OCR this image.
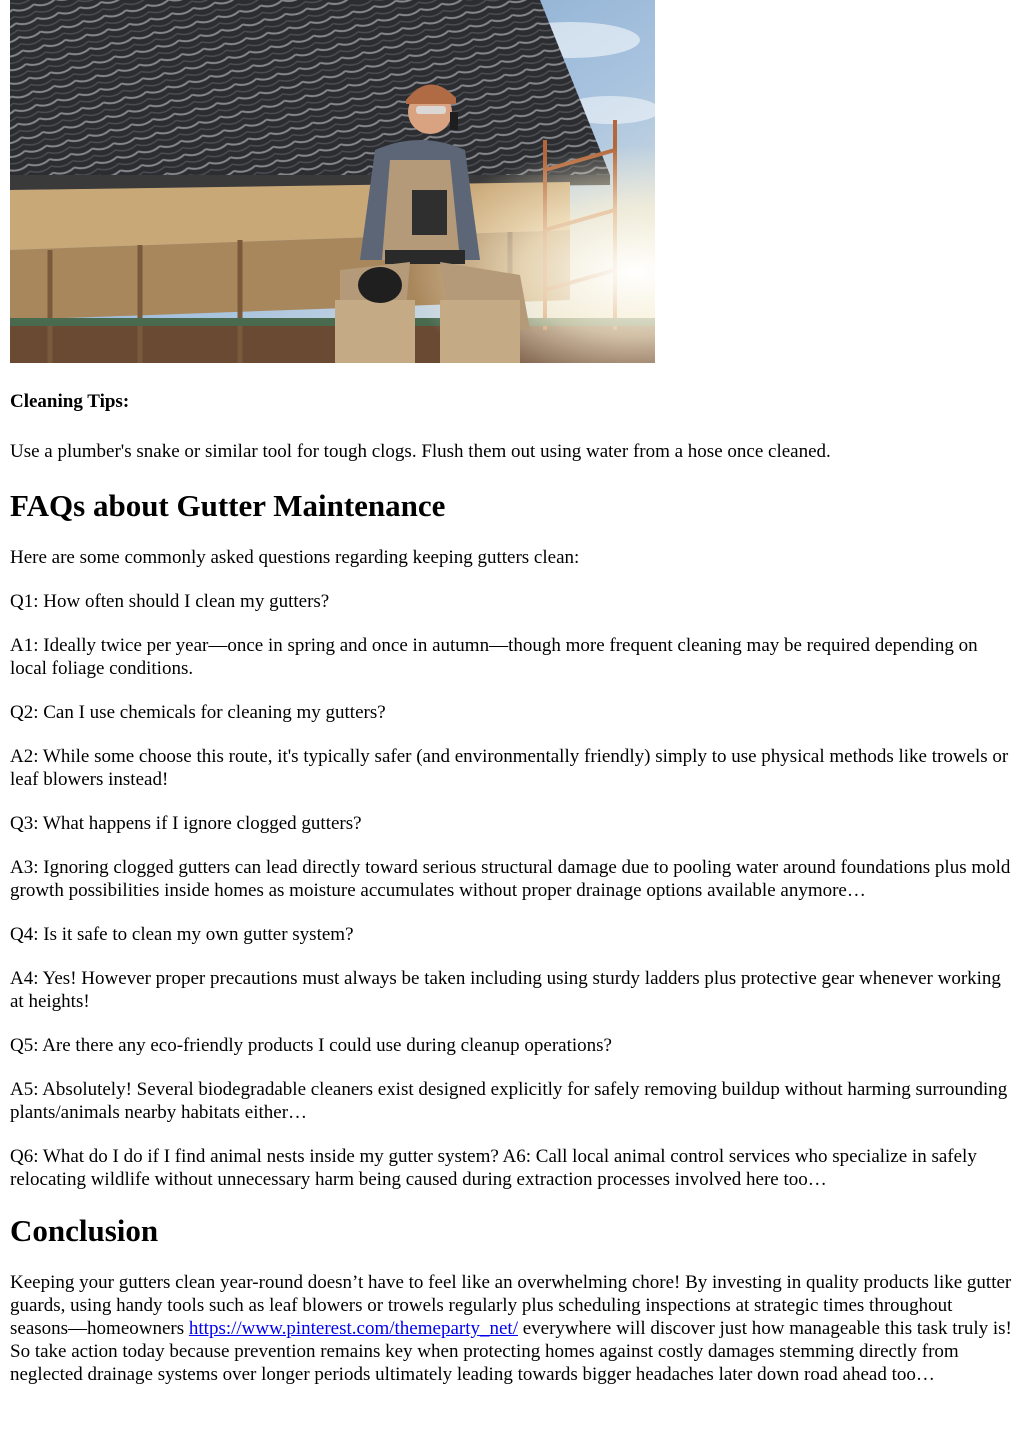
Cleaning Tips:

Use a plumber's snake or similar tool for tough clogs. Flush them out using water from a hose once cleaned.

FAQs about Gutter Maintenance

Here are some commonly asked questions regarding keeping gutters clean:

Q1: How often should I clean my gutters?

A1: Ideally twice per year—once in spring and once in autumn—though more frequent cleaning may be required depending on local foliage conditions.

Q2: Can I use chemicals for cleaning my gutters?

A2: While some choose this route, it's typically safer (and environmentally friendly) simply to use physical methods like trowels or leaf blowers instead!

Q3: What happens if I ignore clogged gutters?

A3: Ignoring clogged gutters can lead directly toward serious structural damage due to pooling water around foundations plus mold growth possibilities inside homes as moisture accumulates without proper drainage options available anymore…

Q4: Is it safe to clean my own gutter system?

A4: Yes! However proper precautions must always be taken including using sturdy ladders plus protective gear whenever working at heights!

Q5: Are there any eco-friendly products I could use during cleanup operations?

A5: Absolutely! Several biodegradable cleaners exist designed explicitly for safely removing buildup without harming surrounding plants/animals nearby habitats either…

Q6: What do I do if I find animal nests inside my gutter system? A6: Call local animal control services who specialize in safely relocating wildlife without unnecessary harm being caused during extraction processes involved here too…

Conclusion

Keeping your gutters clean year-round doesn’t have to feel like an overwhelming chore! By investing in quality products like gutter guards, using handy tools such as leaf blowers or trowels regularly plus scheduling inspections at strategic times throughout seasons—homeowners https://www.pinterest.com/themeparty_net/ everywhere will discover just how manageable this task truly is! So take action today because prevention remains key when protecting homes against costly damages stemming directly from neglected drainage systems over longer periods ultimately leading towards bigger headaches later down road ahead too…
